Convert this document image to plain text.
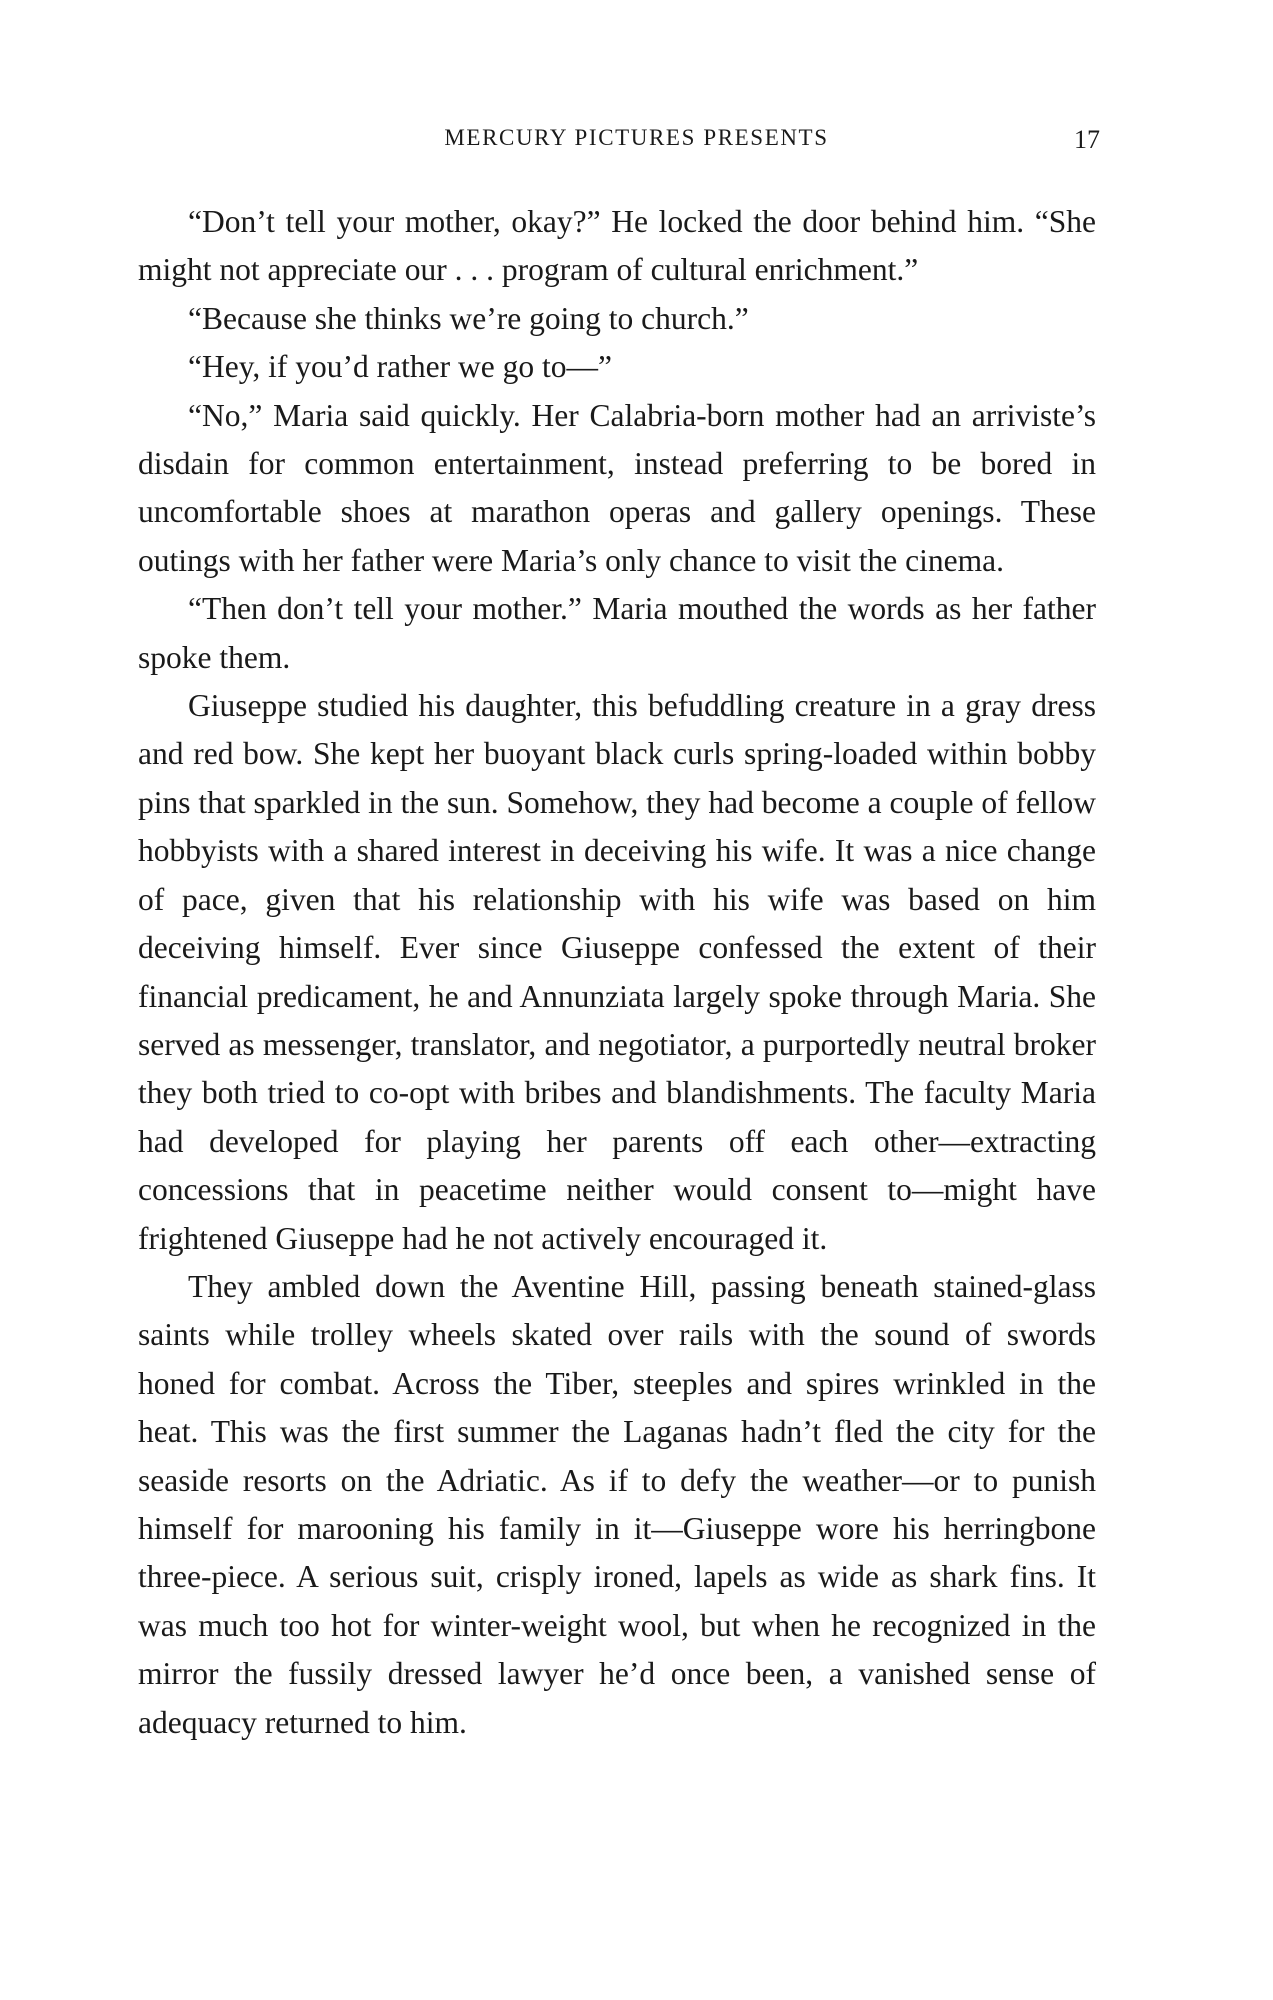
MERCURY PICTURES PRESENTS	17

“Don’t tell your mother, okay?” He locked the door behind him. “She might not appreciate our . . . program of cultural enrichment.”

“Because she thinks we’re going to church.”

“Hey, if you’d rather we go to—”

“No,” Maria said quickly. Her Calabria-born mother had an arriviste’s disdain for common entertainment, instead preferring to be bored in uncomfortable shoes at marathon operas and gallery openings. These outings with her father were Maria’s only chance to visit the cinema.

“Then don’t tell your mother.” Maria mouthed the words as her father spoke them.

Giuseppe studied his daughter, this befuddling creature in a gray dress and red bow. She kept her buoyant black curls spring-loaded within bobby pins that sparkled in the sun. Somehow, they had become a couple of fellow hobbyists with a shared interest in deceiving his wife. It was a nice change of pace, given that his relationship with his wife was based on him deceiving himself. Ever since Giuseppe confessed the extent of their financial predicament, he and Annunziata largely spoke through Maria. She served as messenger, translator, and negotiator, a purportedly neutral broker they both tried to co-opt with bribes and blandishments. The faculty Maria had developed for playing her parents off each other—extracting concessions that in peacetime neither would consent to—might have frightened Giuseppe had he not actively encouraged it.

They ambled down the Aventine Hill, passing beneath stained-glass saints while trolley wheels skated over rails with the sound of swords honed for combat. Across the Tiber, steeples and spires wrinkled in the heat. This was the first summer the Laganas hadn’t fled the city for the seaside resorts on the Adriatic. As if to defy the weather—or to punish himself for marooning his family in it—Giuseppe wore his herringbone three-piece. A serious suit, crisply ironed, lapels as wide as shark fins. It was much too hot for winter-weight wool, but when he recognized in the mirror the fussily dressed lawyer he’d once been, a vanished sense of adequacy returned to him.
